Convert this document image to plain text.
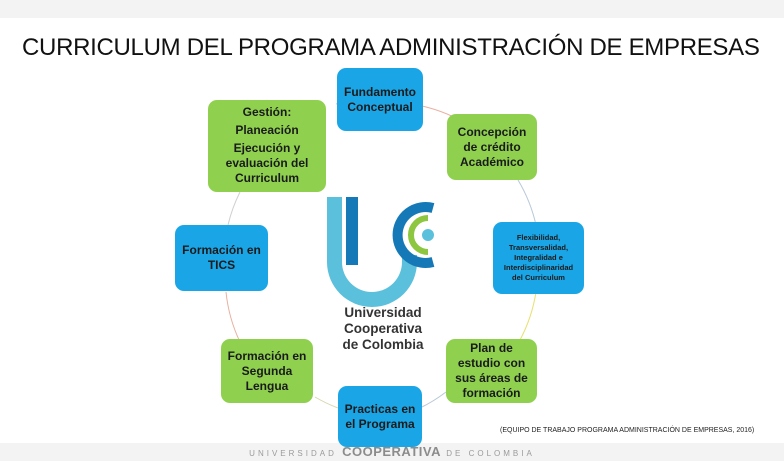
CURRICULUM DEL PROGRAMA ADMINISTRACIÓN DE EMPRESAS
Fundamento
Conceptual
Concepción
de crédito
Académico
Flexibilidad,
Transversalidad,
Integralidad e
Interdisciplinaridad
del Curriculum
Plan de
estudio con
sus áreas de
formación
Practicas en
el Programa
Formación en
Segunda
Lengua
Formación en
TICS
Gestión:
Planeación
Ejecución y evaluación del Curriculum
Universidad Cooperativa
de Colombia
(EQUIPO DE TRABAJO PROGRAMA ADMINISTRACIÓN DE EMPRESAS, 2016)
UNIVERSIDAD COOPERATIVA DE COLOMBIA
